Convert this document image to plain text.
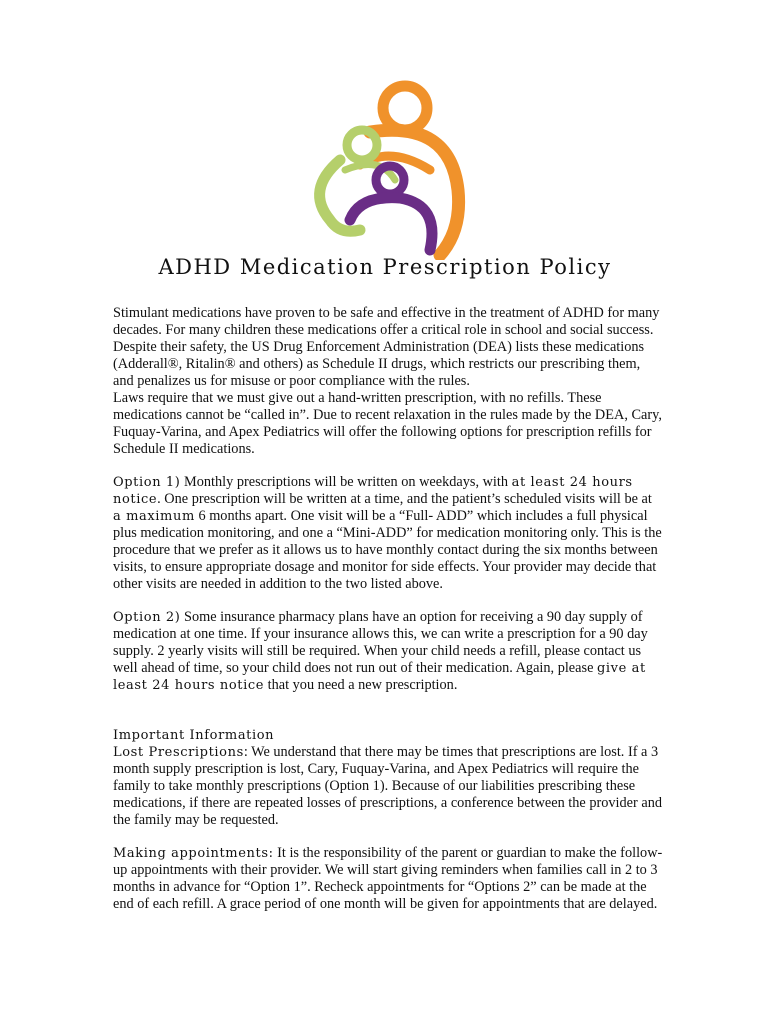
ADHD Medication Prescription Policy

Stimulant medications have proven to be safe and effective in the treatment of ADHD for many decades. For many children these medications offer a critical role in school and social success. Despite their safety, the US Drug Enforcement Administration (DEA) lists these medications (Adderall®, Ritalin® and others) as Schedule II drugs, which restricts our prescribing them, and penalizes us for misuse or poor compliance with the rules.
Laws require that we must give out a hand-written prescription, with no refills. These medications cannot be “called in”. Due to recent relaxation in the rules made by the DEA, Cary, Fuquay-Varina, and Apex Pediatrics will offer the following options for prescription refills for Schedule II medications.

Option 1) Monthly prescriptions will be written on weekdays, with at least 24 hours notice. One prescription will be written at a time, and the patient’s scheduled visits will be at a maximum 6 months apart. One visit will be a “Full- ADD” which includes a full physical plus medication monitoring, and one a “Mini-ADD” for medication monitoring only. This is the procedure that we prefer as it allows us to have monthly contact during the six months between visits, to ensure appropriate dosage and monitor for side effects. Your provider may decide that other visits are needed in addition to the two listed above.

Option 2) Some insurance pharmacy plans have an option for receiving a 90 day supply of medication at one time. If your insurance allows this, we can write a prescription for a 90 day supply. 2 yearly visits will still be required. When your child needs a refill, please contact us well ahead of time, so your child does not run out of their medication. Again, please give at least 24 hours notice that you need a new prescription.

Important Information
Lost Prescriptions: We understand that there may be times that prescriptions are lost. If a 3 month supply prescription is lost, Cary, Fuquay-Varina, and Apex Pediatrics will require the family to take monthly prescriptions (Option 1). Because of our liabilities prescribing these medications, if there are repeated losses of prescriptions, a conference between the provider and the family may be requested.

Making appointments: It is the responsibility of the parent or guardian to make the follow-up appointments with their provider. We will start giving reminders when families call in 2 to 3 months in advance for “Option 1”. Recheck appointments for “Options 2” can be made at the end of each refill. A grace period of one month will be given for appointments that are delayed.
